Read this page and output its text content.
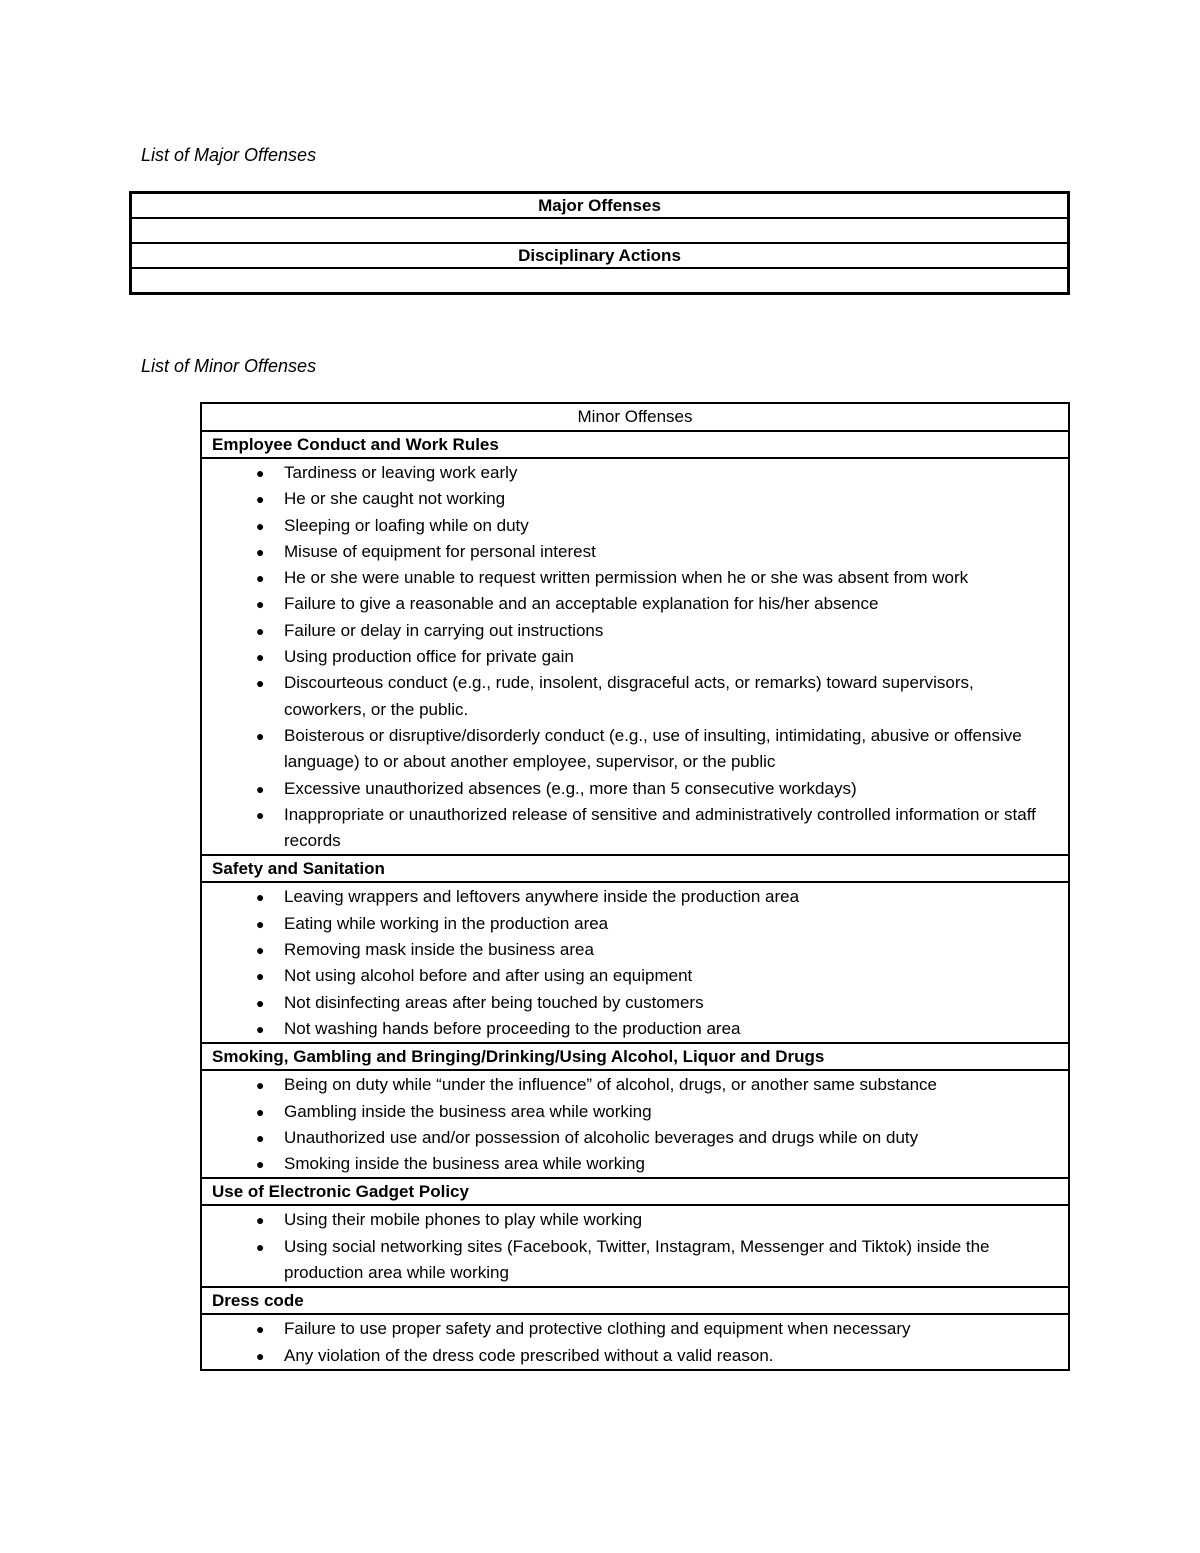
List of Major Offenses

Major Offenses

Disciplinary Actions

List of Minor Offenses

Minor Offenses
Employee Conduct and Work Rules

● Tardiness or leaving work early
● He or she caught not working
● Sleeping or loafing while on duty
● Misuse of equipment for personal interest
● He or she were unable to request written permission when he or she was absent from work
● Failure to give a reasonable and an acceptable explanation for his/her absence
● Failure or delay in carrying out instructions
● Using production office for private gain
● Discourteous conduct (e.g., rude, insolent, disgraceful acts, or remarks) toward supervisors, coworkers, or the public.
● Boisterous or disruptive/disorderly conduct (e.g., use of insulting, intimidating, abusive or offensive language) to or about another employee, supervisor, or the public
● Excessive unauthorized absences (e.g., more than 5 consecutive workdays)
● Inappropriate or unauthorized release of sensitive and administratively controlled information or staff records

Safety and Sanitation

● Leaving wrappers and leftovers anywhere inside the production area
● Eating while working in the production area
● Removing mask inside the business area
● Not using alcohol before and after using an equipment
● Not disinfecting areas after being touched by customers
● Not washing hands before proceeding to the production area

Smoking, Gambling and Bringing/Drinking/Using Alcohol, Liquor and Drugs

● Being on duty while “under the influence” of alcohol, drugs, or another same substance
● Gambling inside the business area while working
● Unauthorized use and/or possession of alcoholic beverages and drugs while on duty
● Smoking inside the business area while working

Use of Electronic Gadget Policy

● Using their mobile phones to play while working
● Using social networking sites (Facebook, Twitter, Instagram, Messenger and Tiktok) inside the production area while working

Dress code

● Failure to use proper safety and protective clothing and equipment when necessary
● Any violation of the dress code prescribed without a valid reason.
